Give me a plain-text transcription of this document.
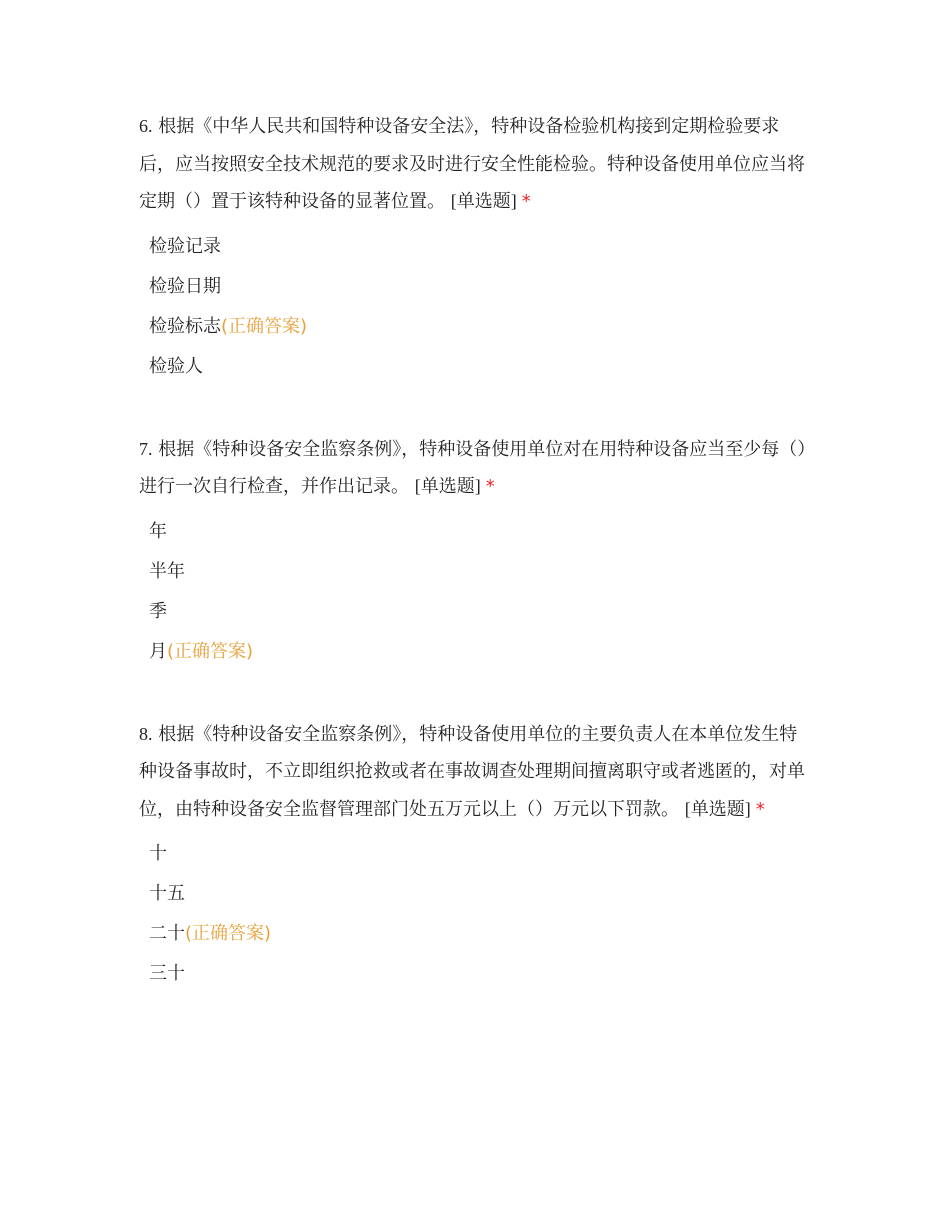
6. 根据《中华人民共和国特种设备安全法》，特种设备检验机构接到定期检验要求后，应当按照安全技术规范的要求及时进行安全性能检验。特种设备使用单位应当将定期（）置于该特种设备的显著位置。 [单选题] *

检验记录
检验日期
检验标志(正确答案)
检验人

7. 根据《特种设备安全监察条例》，特种设备使用单位对在用特种设备应当至少每（）进行一次自行检查，并作出记录。 [单选题] *

年
半年
季
月(正确答案)

8. 根据《特种设备安全监察条例》，特种设备使用单位的主要负责人在本单位发生特种设备事故时，不立即组织抢救或者在事故调查处理期间擅离职守或者逃匿的，对单位，由特种设备安全监督管理部门处五万元以上（）万元以下罚款。 [单选题] *

十
十五
二十(正确答案)
三十
